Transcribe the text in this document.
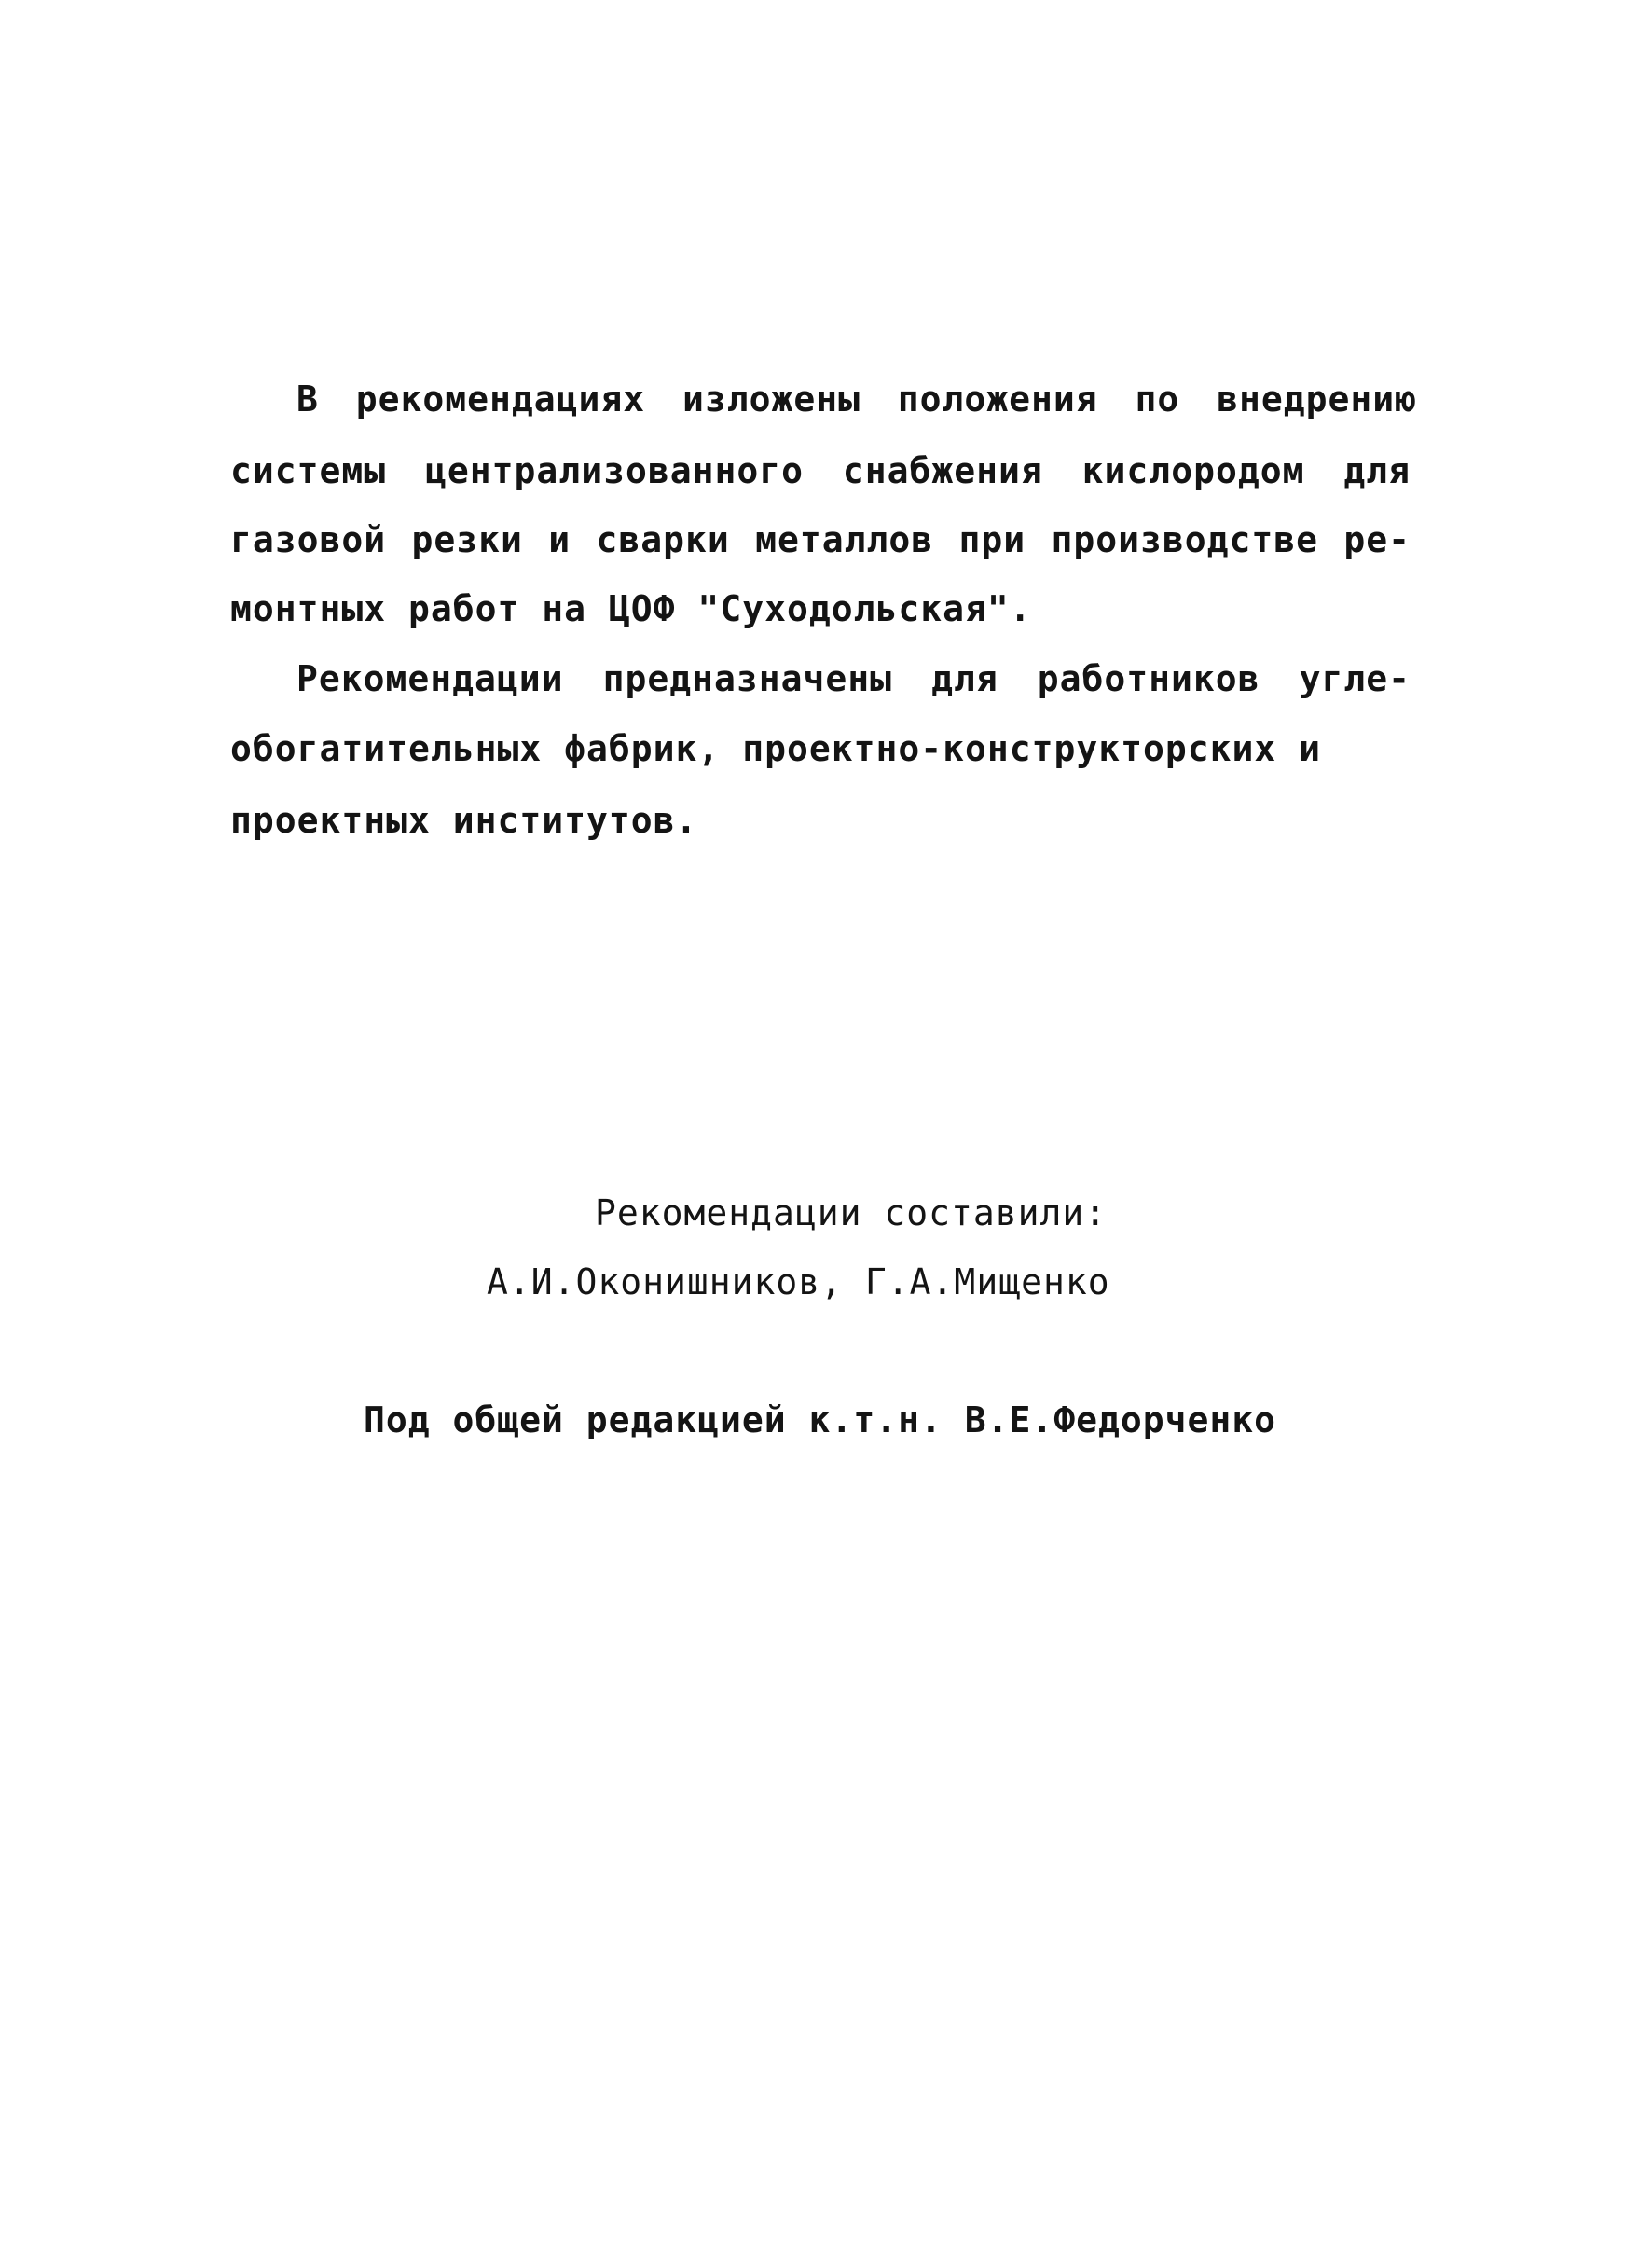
В рекомендациях изложены положения по внедрению

системы централизованного снабжения кислородом для

газовой резки и сварки металлов при производстве ре-

монтных работ на ЦОФ "Суходольская".

Рекомендации предназначены для работников угле-

обогатительных фабрик, проектно-конструкторских и

проектных институтов.

Рекомендации составили:

А.И.Оконишников, Г.А.Мищенко

Под общей редакцией к.т.н. В.Е.Федорченко
